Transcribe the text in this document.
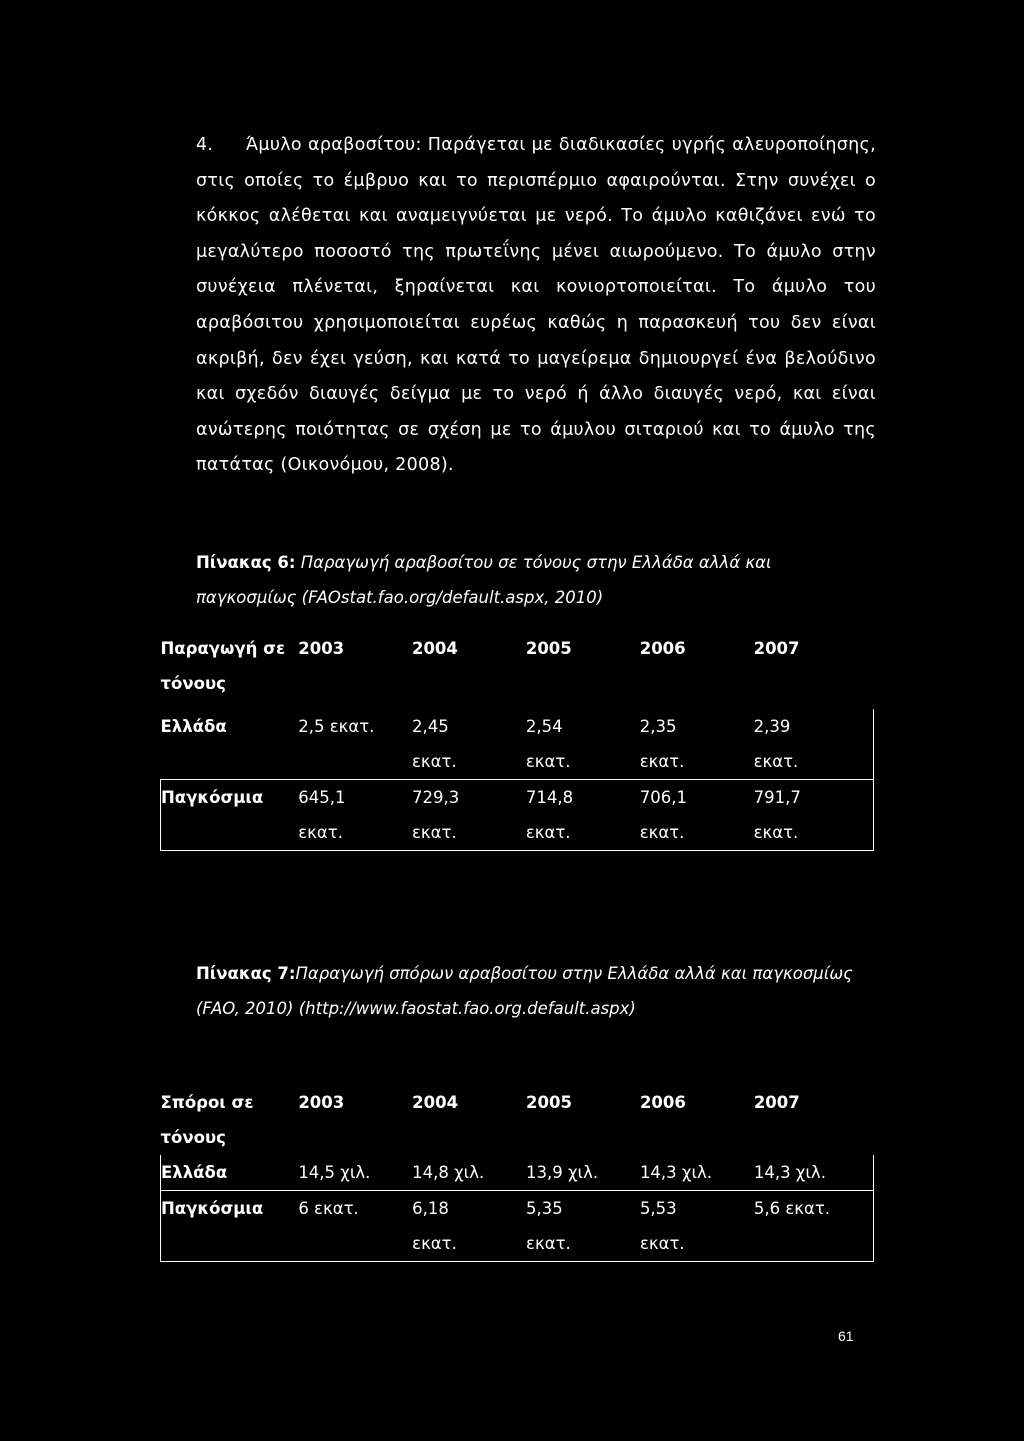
4. Άμυλο αραβοσίτου: Παράγεται με διαδικασίες υγρής αλευροποίησης, στις οποίες το έμβρυο και το περισπέρμιο αφαιρούνται. Στην συνέχει ο κόκκος αλέθεται και αναμειγνύεται με νερό. Το άμυλο καθιζάνει ενώ το μεγαλύτερο ποσοστό της πρωτεΐνης μένει αιωρούμενο. Το άμυλο στην συνέχεια πλένεται, ξηραίνεται και κονιορτοποιείται. Το άμυλο του αραβόσιτου χρησιμοποιείται ευρέως καθώς η παρασκευή του δεν είναι ακριβή, δεν έχει γεύση, και κατά το μαγείρεμα δημιουργεί ένα βελούδινο και σχεδόν διαυγές δείγμα με το νερό ή άλλο διαυγές νερό, και είναι ανώτερης ποιότητας σε σχέση με το άμυλου σιταριού και το άμυλο της πατάτας (Οικονόμου, 2008).
Πίνακας 6: Παραγωγή αραβοσίτου σε τόνους στην Ελλάδα αλλά και παγκοσμίως (FAOstat.fao.org/default.aspx, 2010)
Παραγωγή σε τόνους	2003	2004	2005	2006	2007
Ελλάδα	2,5 εκατ.	2,45 εκατ.	2,54 εκατ.	2,35 εκατ.	2,39 εκατ.
Παγκόσμια	645,1 εκατ.	729,3 εκατ.	714,8 εκατ.	706,1 εκατ.	791,7 εκατ.
Πίνακας 7:Παραγωγή σπόρων αραβοσίτου στην Ελλάδα αλλά και παγκοσμίως (FAO, 2010) (http://www.faostat.fao.org.default.aspx)
Σπόροι σε τόνους	2003	2004	2005	2006	2007
Ελλάδα	14,5 χιλ.	14,8 χιλ.	13,9 χιλ.	14,3 χιλ.	14,3 χιλ.
Παγκόσμια	6 εκατ.	6,18 εκατ.	5,35 εκατ.	5,53 εκατ.	5,6 εκατ.
61
